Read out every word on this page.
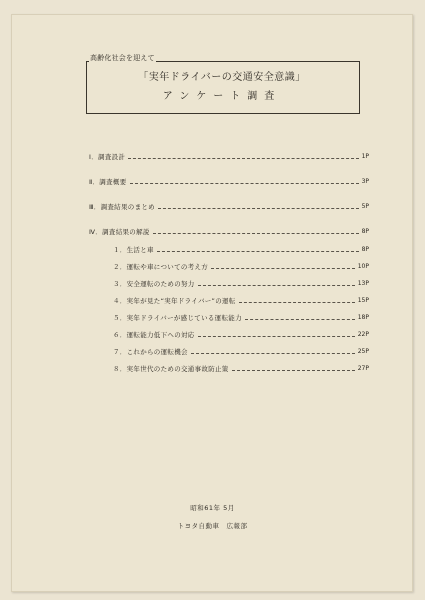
高齢化社会を迎えて
「実年ドライバーの交通安全意識」
アンケート調査
Ⅰ．調査設計	1P
Ⅱ．調査概要	3P
Ⅲ．調査結果のまとめ	5P
Ⅳ．調査結果の解説	8P
１．生活と車	8P
２．運転や車についての考え方	10P
３．安全運転のための努力	13P
４．実年が見た“実年ドライバー”の運転	15P
５．実年ドライバーが感じている運転能力	18P
６．運転能力低下への対応	22P
７．これからの運転機会	25P
８．実年世代のための交通事故防止策	27P
昭和61年 5月
トヨタ自動車　広報部
